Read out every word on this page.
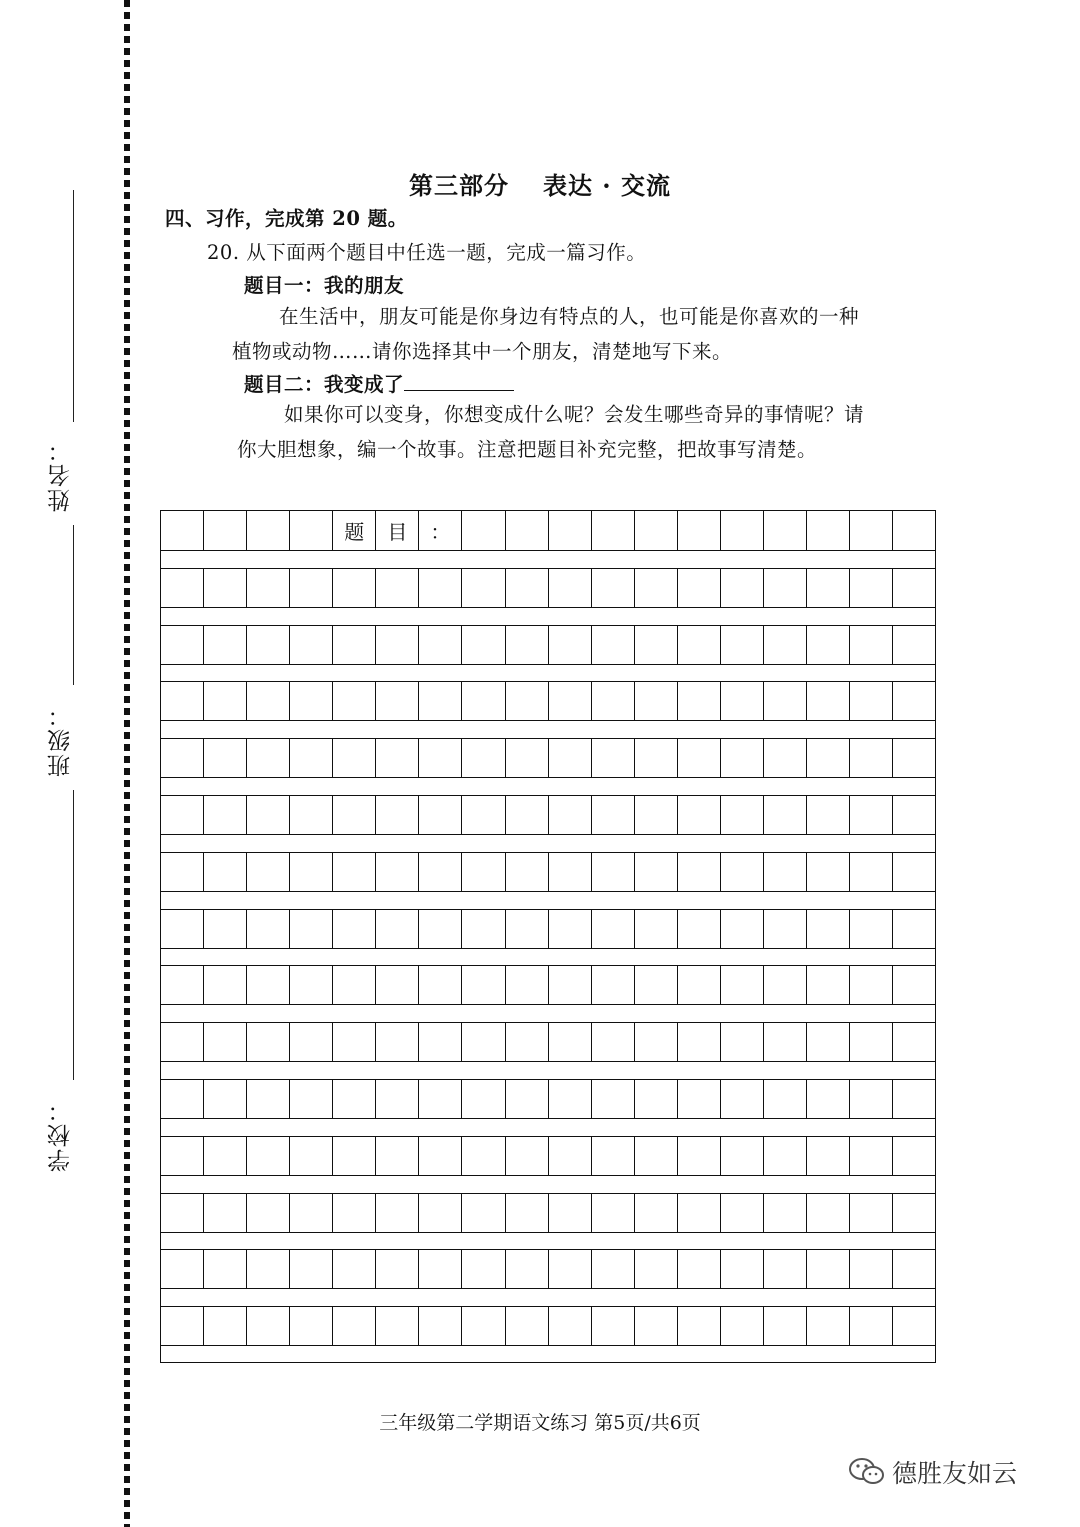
姓名：
班级：
学校：
第三部分 表达 · 交流
四、习作，完成第 20 题。
20. 从下面两个题目中任选一题，完成一篇习作。
题目一：我的朋友
在生活中，朋友可能是你身边有特点的人，也可能是你喜欢的一种
植物或动物……请你选择其中一个朋友，清楚地写下来。
题目二：我变成了
如果你可以变身，你想变成什么呢？会发生哪些奇异的事情呢？请
你大胆想象，编一个故事。注意把题目补充完整，把故事写清楚。
题	目	：
三年级第二学期语文练习 第5页/共6页
德胜友如云
